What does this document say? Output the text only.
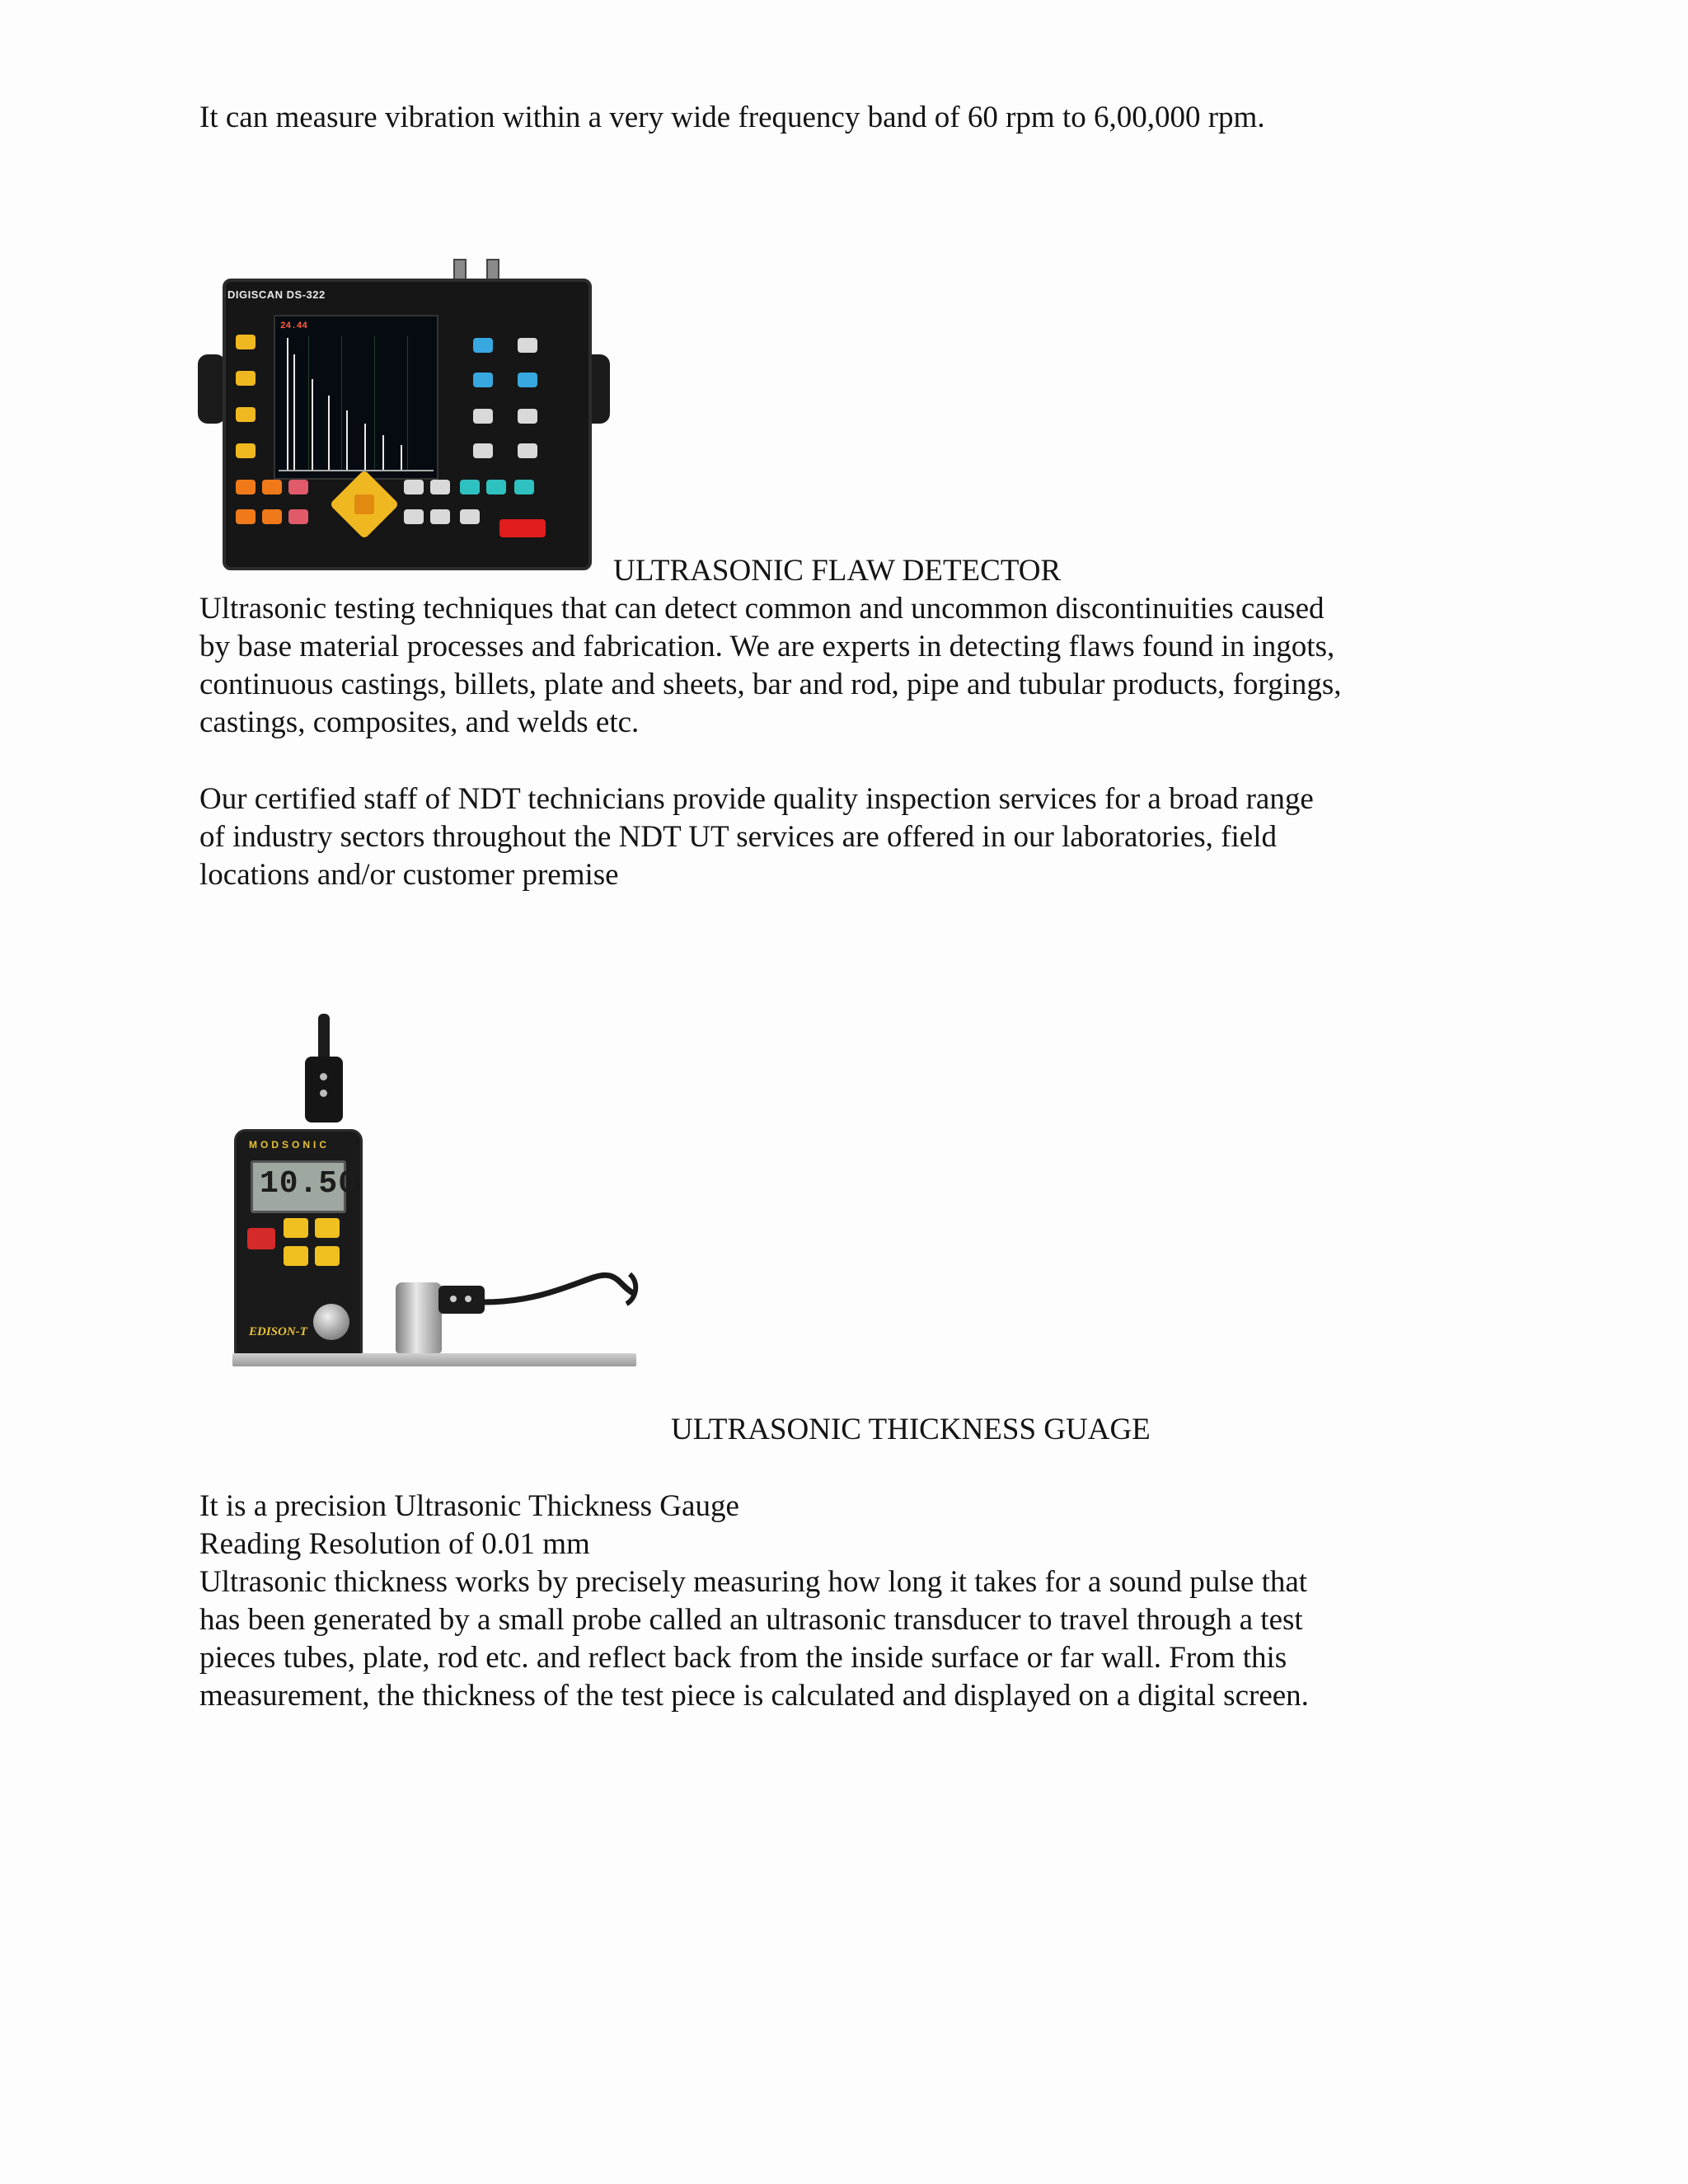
It can measure vibration within a very wide frequency band of 60 rpm to 6,00,000 rpm.

DIGISCAN DS-322
24.44
ULTRASONIC FLAW DETECTOR

Ultrasonic testing techniques that can detect common and uncommon discontinuities caused

by base material processes and fabrication. We are experts in detecting flaws found in ingots,

continuous castings, billets, plate and sheets, bar and rod, pipe and tubular products, forgings,

castings, composites, and welds etc.

Our certified staff of NDT technicians provide quality inspection services for a broad range

of industry sectors throughout the NDT UT services are offered in our laboratories, field

locations and/or customer premise

MODSONIC
10.50
EDISON-T
ULTRASONIC THICKNESS GUAGE

It is a precision Ultrasonic Thickness Gauge

Reading Resolution of 0.01 mm

Ultrasonic thickness works by precisely measuring how long it takes for a sound pulse that

has been generated by a small probe called an ultrasonic transducer to travel through a test

pieces tubes, plate, rod etc. and reflect back from the inside surface or far wall. From this

measurement, the thickness of the test piece is calculated and displayed on a digital screen.
